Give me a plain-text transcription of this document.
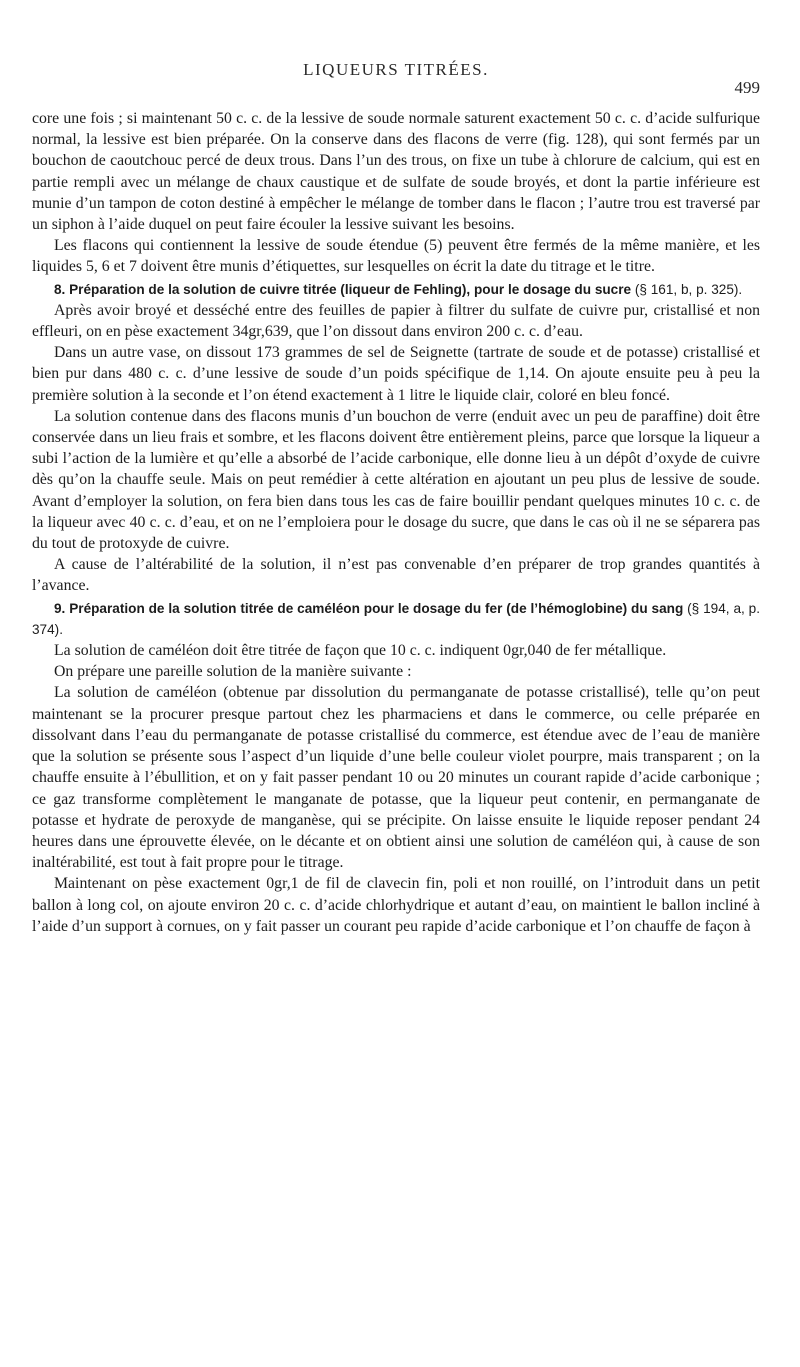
LIQUEURS TITRÉES.
499

core une fois ; si maintenant 50 c. c. de la lessive de soude normale saturent exactement 50 c. c. d’acide sulfurique normal, la lessive est bien préparée. On la conserve dans des flacons de verre (fig. 128), qui sont fermés par un bouchon de caoutchouc percé de deux trous. Dans l’un des trous, on fixe un tube à chlorure de calcium, qui est en partie rempli avec un mélange de chaux caustique et de sulfate de soude broyés, et dont la partie inférieure est munie d’un tampon de coton destiné à empêcher le mélange de tomber dans le flacon ; l’autre trou est traversé par un siphon à l’aide duquel on peut faire écouler la lessive suivant les besoins.

Les flacons qui contiennent la lessive de soude étendue (5) peuvent être fermés de la même manière, et les liquides 5, 6 et 7 doivent être munis d’étiquettes, sur lesquelles on écrit la date du titrage et le titre.

8. Préparation de la solution de cuivre titrée (liqueur de Fehling), pour le dosage du sucre (§ 161, b, p. 325).

Après avoir broyé et desséché entre des feuilles de papier à filtrer du sulfate de cuivre pur, cristallisé et non effleuri, on en pèse exactement 34gr,639, que l’on dissout dans environ 200 c. c. d’eau.

Dans un autre vase, on dissout 173 grammes de sel de Seignette (tartrate de soude et de potasse) cristallisé et bien pur dans 480 c. c. d’une lessive de soude d’un poids spécifique de 1,14. On ajoute ensuite peu à peu la première solution à la seconde et l’on étend exactement à 1 litre le liquide clair, coloré en bleu foncé.

La solution contenue dans des flacons munis d’un bouchon de verre (enduit avec un peu de paraffine) doit être conservée dans un lieu frais et sombre, et les flacons doivent être entièrement pleins, parce que lorsque la liqueur a subi l’action de la lumière et qu’elle a absorbé de l’acide carbonique, elle donne lieu à un dépôt d’oxyde de cuivre dès qu’on la chauffe seule. Mais on peut remédier à cette altération en ajoutant un peu plus de lessive de soude. Avant d’employer la solution, on fera bien dans tous les cas de faire bouillir pendant quelques minutes 10 c. c. de la liqueur avec 40 c. c. d’eau, et on ne l’emploiera pour le dosage du sucre, que dans le cas où il ne se séparera pas du tout de protoxyde de cuivre.

A cause de l’altérabilité de la solution, il n’est pas convenable d’en préparer de trop grandes quantités à l’avance.

9. Préparation de la solution titrée de caméléon pour le dosage du fer (de l’hémoglobine) du sang (§ 194, a, p. 374).

La solution de caméléon doit être titrée de façon que 10 c. c. indiquent 0gr,040 de fer métallique.

On prépare une pareille solution de la manière suivante :

La solution de caméléon (obtenue par dissolution du permanganate de potasse cristallisé), telle qu’on peut maintenant se la procurer presque partout chez les pharmaciens et dans le commerce, ou celle préparée en dissolvant dans l’eau du permanganate de potasse cristallisé du commerce, est étendue avec de l’eau de manière que la solution se présente sous l’aspect d’un liquide d’une belle couleur violet pourpre, mais transparent ; on la chauffe ensuite à l’ébullition, et on y fait passer pendant 10 ou 20 minutes un courant rapide d’acide carbonique ; ce gaz transforme complètement le manganate de potasse, que la liqueur peut contenir, en permanganate de potasse et hydrate de peroxyde de manganèse, qui se précipite. On laisse ensuite le liquide reposer pendant 24 heures dans une éprouvette élevée, on le décante et on obtient ainsi une solution de caméléon qui, à cause de son inaltérabilité, est tout à fait propre pour le titrage.

Maintenant on pèse exactement 0gr,1 de fil de clavecin fin, poli et non rouillé, on l’introduit dans un petit ballon à long col, on ajoute environ 20 c. c. d’acide chlorhydrique et autant d’eau, on maintient le ballon incliné à l’aide d’un support à cornues, on y fait passer un courant peu rapide d’acide carbonique et l’on chauffe de façon à
